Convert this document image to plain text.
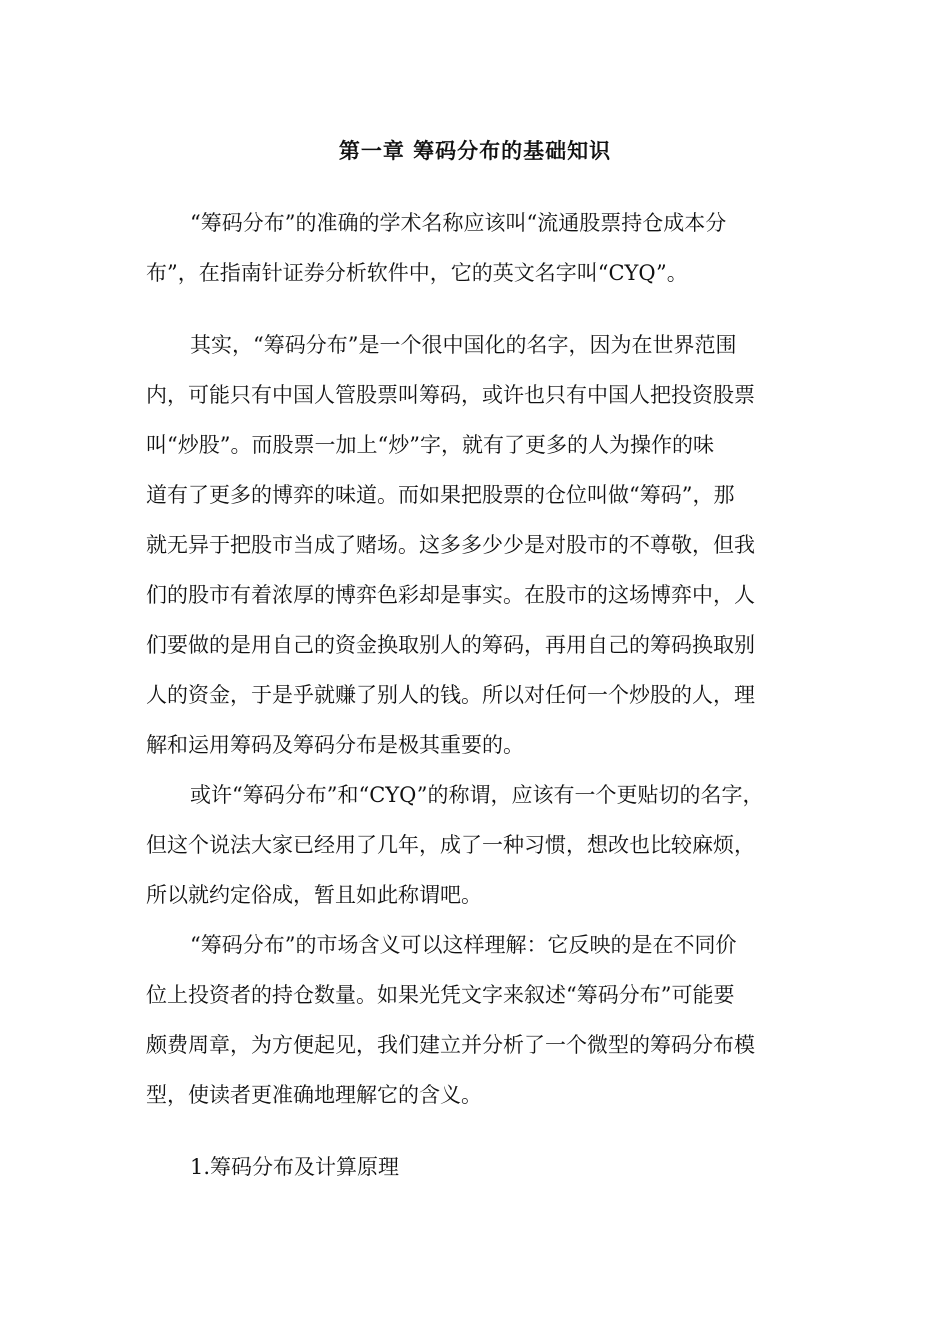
第一章 筹码分布的基础知识
“筹码分布”的准确的学术名称应该叫“流通股票持仓成本分
布”，在指南针证券分析软件中，它的英文名字叫“CYQ”。
其实，“筹码分布”是一个很中国化的名字，因为在世界范围
内，可能只有中国人管股票叫筹码，或许也只有中国人把投资股票
叫“炒股”。而股票一加上“炒”字，就有了更多的人为操作的味
道有了更多的博弈的味道。而如果把股票的仓位叫做“筹码”，那
就无异于把股市当成了赌场。这多多少少是对股市的不尊敬，但我
们的股市有着浓厚的博弈色彩却是事实。在股市的这场博弈中，人
们要做的是用自己的资金换取别人的筹码，再用自己的筹码换取别
人的资金，于是乎就赚了别人的钱。所以对任何一个炒股的人，理
解和运用筹码及筹码分布是极其重要的。
或许“筹码分布”和“CYQ”的称谓，应该有一个更贴切的名字，
但这个说法大家已经用了几年，成了一种习惯，想改也比较麻烦，
所以就约定俗成，暂且如此称谓吧。
“筹码分布”的市场含义可以这样理解：它反映的是在不同价
位上投资者的持仓数量。如果光凭文字来叙述“筹码分布”可能要
颇费周章，为方便起见，我们建立并分析了一个微型的筹码分布模
型，使读者更准确地理解它的含义。
1.筹码分布及计算原理
